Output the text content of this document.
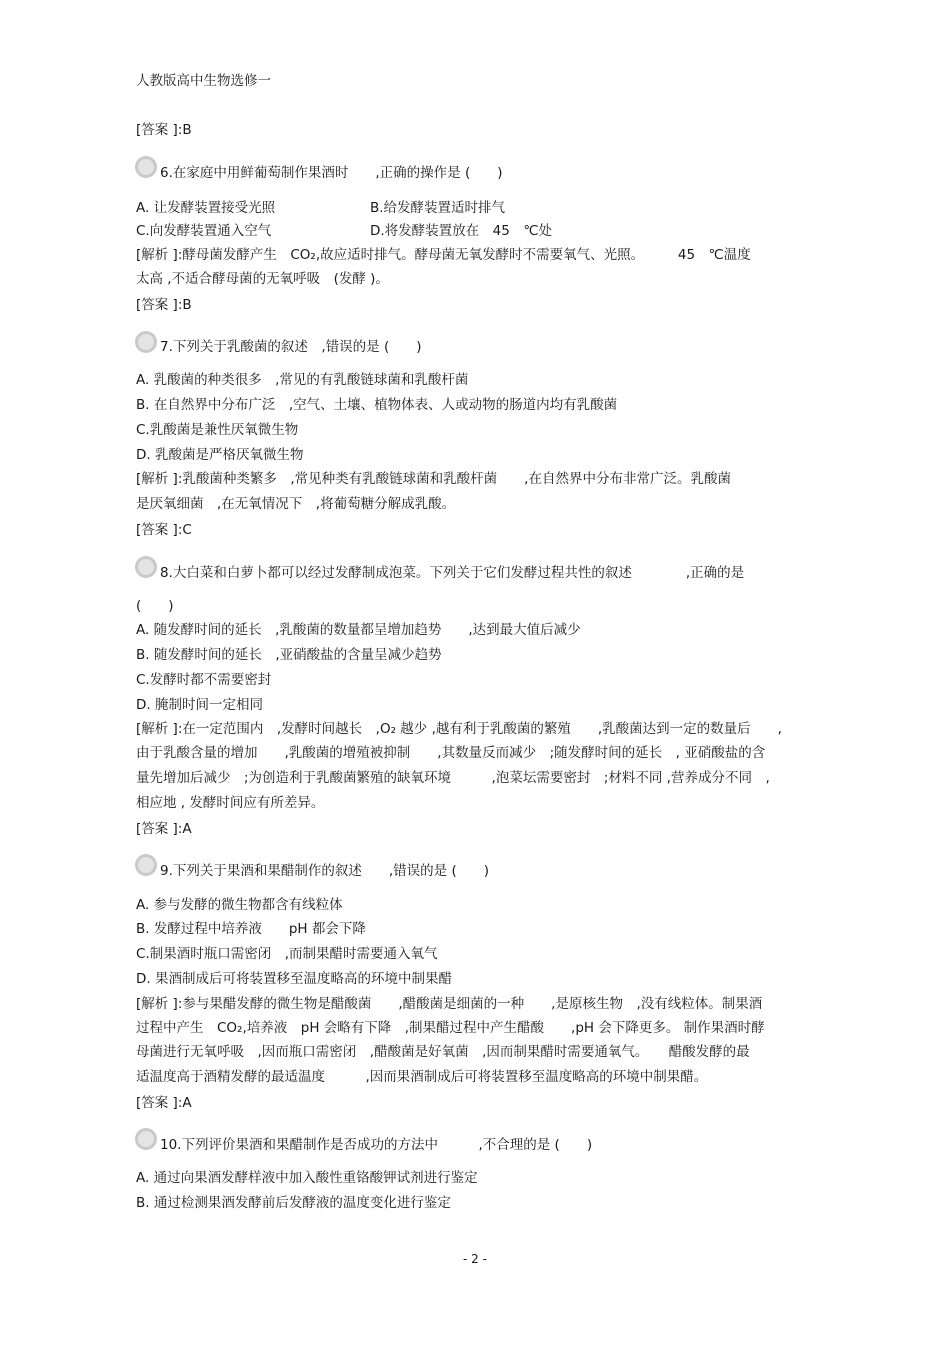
人教版高中生物选修一
[答案 ]:B
6.在家庭中用鲜葡萄制作果酒时　　,正确的操作是 (　　)
A. 让发酵装置接受光照	B.给发酵装置适时排气
C.向发酵装置通入空气	D.将发酵装置放在　45　℃处
[解析 ]:酵母菌发酵产生　CO₂,故应适时排气。酵母菌无氧发酵时不需要氧气、光照。　　　45　℃温度
太高 ,不适合酵母菌的无氧呼吸　(发酵 )。
[答案 ]:B
7.下列关于乳酸菌的叙述　,错误的是 (　　)
A. 乳酸菌的种类很多　,常见的有乳酸链球菌和乳酸杆菌
B. 在自然界中分布广泛　,空气、土壤、植物体表、人或动物的肠道内均有乳酸菌
C.乳酸菌是兼性厌氧微生物
D. 乳酸菌是严格厌氧微生物
[解析 ]:乳酸菌种类繁多　,常见种类有乳酸链球菌和乳酸杆菌　　,在自然界中分布非常广泛。乳酸菌
是厌氧细菌　,在无氧情况下　,将葡萄糖分解成乳酸。
[答案 ]:C
8.大白菜和白萝卜都可以经过发酵制成泡菜。下列关于它们发酵过程共性的叙述　　　　,正确的是
(　　)
A. 随发酵时间的延长　,乳酸菌的数量都呈增加趋势　　,达到最大值后减少
B. 随发酵时间的延长　,亚硝酸盐的含量呈减少趋势
C.发酵时都不需要密封
D. 腌制时间一定相同
[解析 ]:在一定范围内　,发酵时间越长　,O₂ 越少 ,越有利于乳酸菌的繁殖　　,乳酸菌达到一定的数量后　　,
由于乳酸含量的增加　　,乳酸菌的增殖被抑制　　,其数量反而减少　;随发酵时间的延长　, 亚硝酸盐的含
量先增加后减少　;为创造利于乳酸菌繁殖的缺氧环境　　　,泡菜坛需要密封　;材料不同 ,营养成分不同　,
相应地 , 发酵时间应有所差异。
[答案 ]:A
9.下列关于果酒和果醋制作的叙述　　,错误的是 (　　)
A. 参与发酵的微生物都含有线粒体
B. 发酵过程中培养液　　pH 都会下降
C.制果酒时瓶口需密闭　,而制果醋时需要通入氧气
D. 果酒制成后可将装置移至温度略高的环境中制果醋
[解析 ]:参与果醋发酵的微生物是醋酸菌　　,醋酸菌是细菌的一种　　,是原核生物　,没有线粒体。制果酒
过程中产生　CO₂,培养液　pH 会略有下降　,制果醋过程中产生醋酸　　,pH 会下降更多。 制作果酒时酵
母菌进行无氧呼吸　,因而瓶口需密闭　,醋酸菌是好氧菌　,因而制果醋时需要通氧气。　　醋酸发酵的最
适温度高于酒精发酵的最适温度　　　,因而果酒制成后可将装置移至温度略高的环境中制果醋。
[答案 ]:A
10.下列评价果酒和果醋制作是否成功的方法中　　　,不合理的是 (　　)
A. 通过向果酒发酵样液中加入酸性重铬酸钾试剂进行鉴定
B. 通过检测果酒发酵前后发酵液的温度变化进行鉴定
- 2 -
